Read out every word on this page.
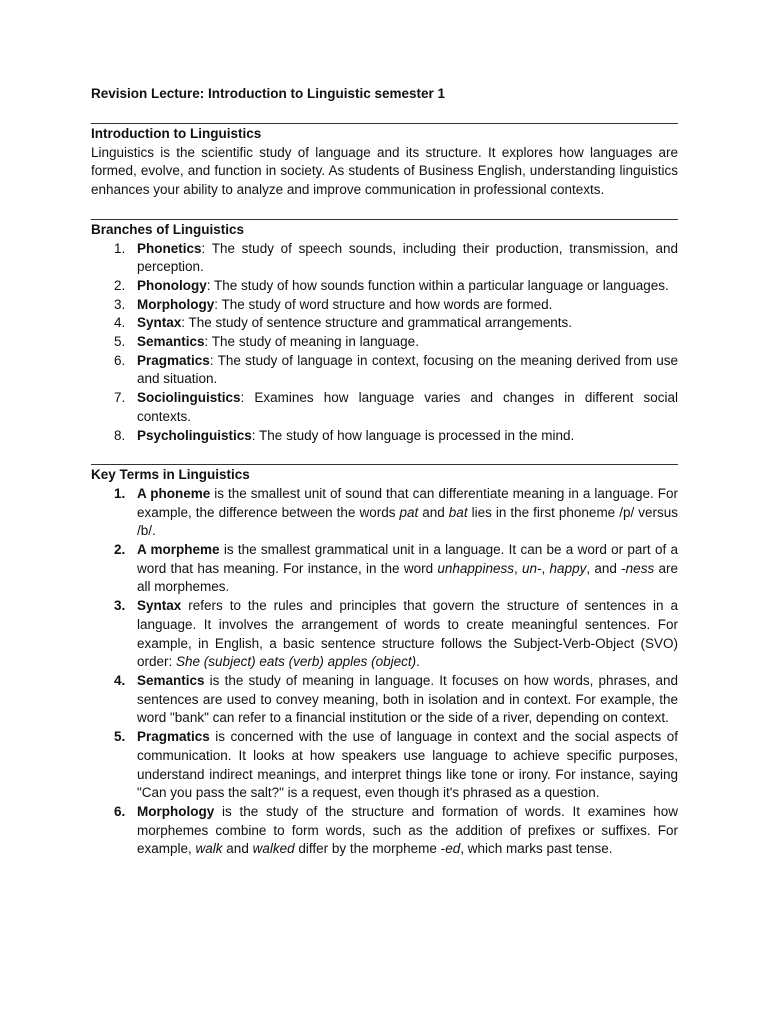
Revision Lecture: Introduction to Linguistic semester 1

Introduction to Linguistics

Linguistics is the scientific study of language and its structure. It explores how languages are formed, evolve, and function in society. As students of Business English, understanding linguistics enhances your ability to analyze and improve communication in professional contexts.

Branches of Linguistics

1. Phonetics: The study of speech sounds, including their production, transmission, and perception.
2. Phonology: The study of how sounds function within a particular language or languages.
3. Morphology: The study of word structure and how words are formed.
4. Syntax: The study of sentence structure and grammatical arrangements.
5. Semantics: The study of meaning in language.
6. Pragmatics: The study of language in context, focusing on the meaning derived from use and situation.
7. Sociolinguistics: Examines how language varies and changes in different social contexts.
8. Psycholinguistics: The study of how language is processed in the mind.

Key Terms in Linguistics

1. A phoneme is the smallest unit of sound that can differentiate meaning in a language. For example, the difference between the words pat and bat lies in the first phoneme /p/ versus /b/.
2. A morpheme is the smallest grammatical unit in a language. It can be a word or part of a word that has meaning. For instance, in the word unhappiness, un-, happy, and -ness are all morphemes.
3. Syntax refers to the rules and principles that govern the structure of sentences in a language. It involves the arrangement of words to create meaningful sentences. For example, in English, a basic sentence structure follows the Subject-Verb-Object (SVO) order: She (subject) eats (verb) apples (object).
4. Semantics is the study of meaning in language. It focuses on how words, phrases, and sentences are used to convey meaning, both in isolation and in context. For example, the word "bank" can refer to a financial institution or the side of a river, depending on context.
5. Pragmatics is concerned with the use of language in context and the social aspects of communication. It looks at how speakers use language to achieve specific purposes, understand indirect meanings, and interpret things like tone or irony. For instance, saying "Can you pass the salt?" is a request, even though it's phrased as a question.
6. Morphology is the study of the structure and formation of words. It examines how morphemes combine to form words, such as the addition of prefixes or suffixes. For example, walk and walked differ by the morpheme -ed, which marks past tense.
